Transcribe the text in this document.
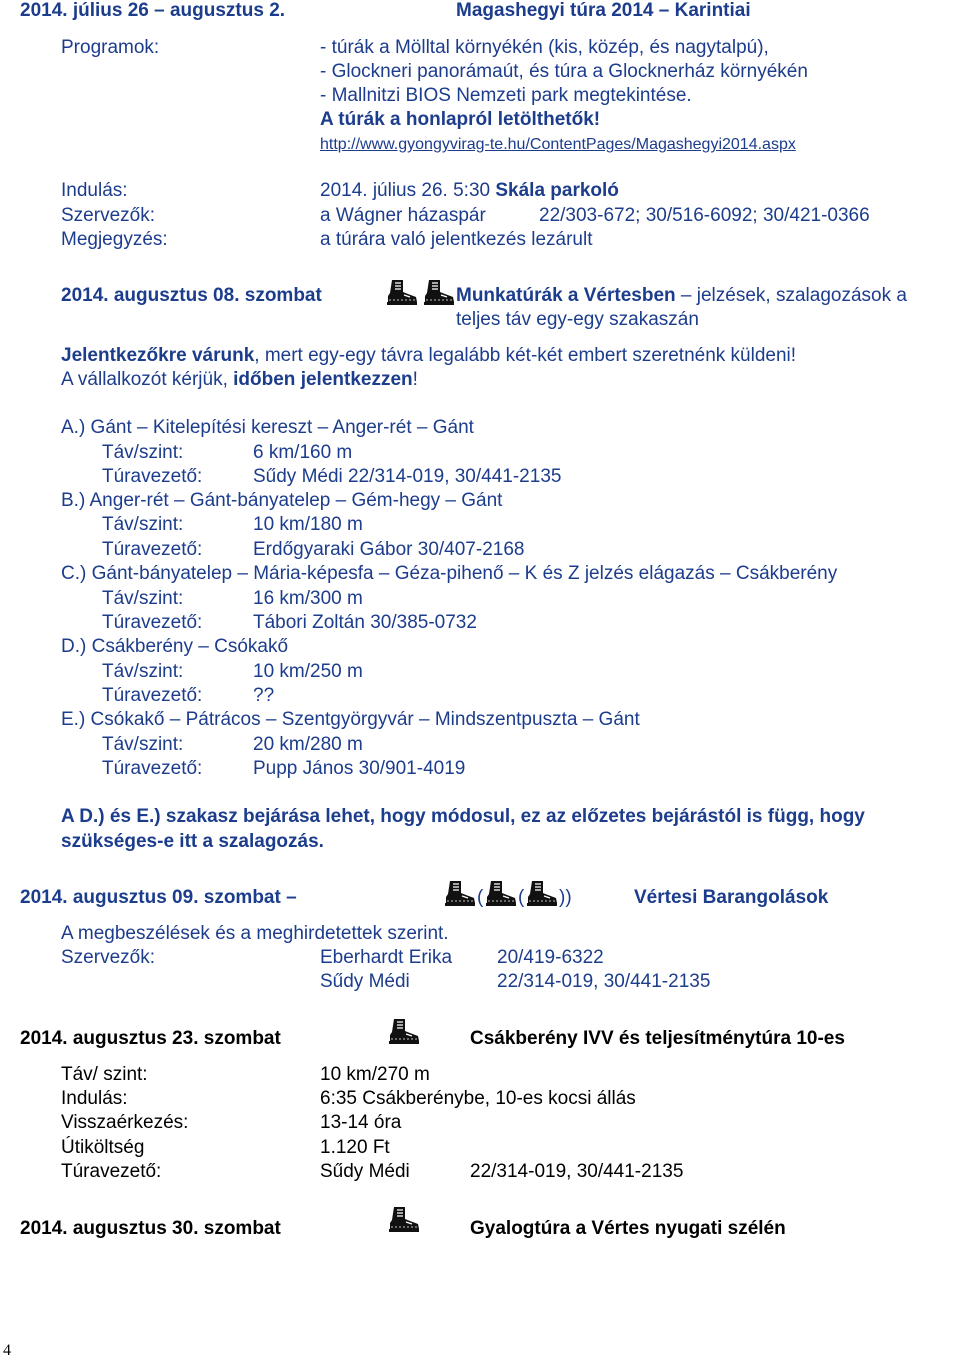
2014. július 26 – augusztus 2.	Magashegyi túra 2014 – Karintiai
Programok:	- túrák a Mölltal környékén (kis, közép, és nagytalpú),
- Glockneri panorámaút, és túra a Glocknerház környékén
- Mallnitzi BIOS Nemzeti park megtekintése.
A túrák a honlapról letölthetők!
http://www.gyongyvirag-te.hu/ContentPages/Magashegyi2014.aspx
Indulás:	2014. július 26. 5:30 Skála parkoló
Szervezők:	a Wágner házaspár	22/303-672; 30/516-6092; 30/421-0366
Megjegyzés:	a túrára való jelentkezés lezárult
2014. augusztus 08. szombat	Munkatúrák a Vértesben – jelzések, szalagozások a
teljes táv egy-egy szakaszán
Jelentkezőkre várunk, mert egy-egy távra legalább két-két embert szeretnénk küldeni!
A vállalkozót kérjük, időben jelentkezzen!
A.) Gánt – Kitelepítési kereszt – Anger-rét – Gánt
Táv/szint:	6 km/160 m
Túravezető:	Sűdy Médi 22/314-019, 30/441-2135
B.) Anger-rét – Gánt-bányatelep – Gém-hegy – Gánt
Táv/szint:	10 km/180 m
Túravezető:	Erdőgyaraki Gábor 30/407-2168
C.) Gánt-bányatelep – Mária-képesfa – Géza-pihenő – K és Z jelzés elágazás – Csákberény
Táv/szint:	16 km/300 m
Túravezető:	Tábori Zoltán 30/385-0732
D.) Csákberény – Csókakő
Táv/szint:	10 km/250 m
Túravezető:	??
E.) Csókakő – Pátrácos – Szentgyörgyvár – Mindszentpuszta – Gánt
Táv/szint:	20 km/280 m
Túravezető:	Pupp János 30/901-4019
A D.) és E.) szakasz bejárása lehet, hogy módosul, ez az előzetes bejárástól is függ, hogy
szükséges-e itt a szalagozás.
2014. augusztus 09. szombat –	( ( ))	Vértesi Barangolások
A megbeszélések és a meghirdetettek szerint.
Szervezők:	Eberhardt Erika 20/419-6322
Sűdy Médi	22/314-019, 30/441-2135
2014. augusztus 23. szombat	Csákberény IVV és teljesítménytúra 10-es
Táv/ szint:	10 km/270 m
Indulás:	6:35 Csákberénybe, 10-es kocsi állás
Visszaérkezés:	13-14 óra
Útiköltség	1.120 Ft
Túravezető:	Sűdy Médi	22/314-019, 30/441-2135
2014. augusztus 30. szombat	Gyalogtúra a Vértes nyugati szélén
4
